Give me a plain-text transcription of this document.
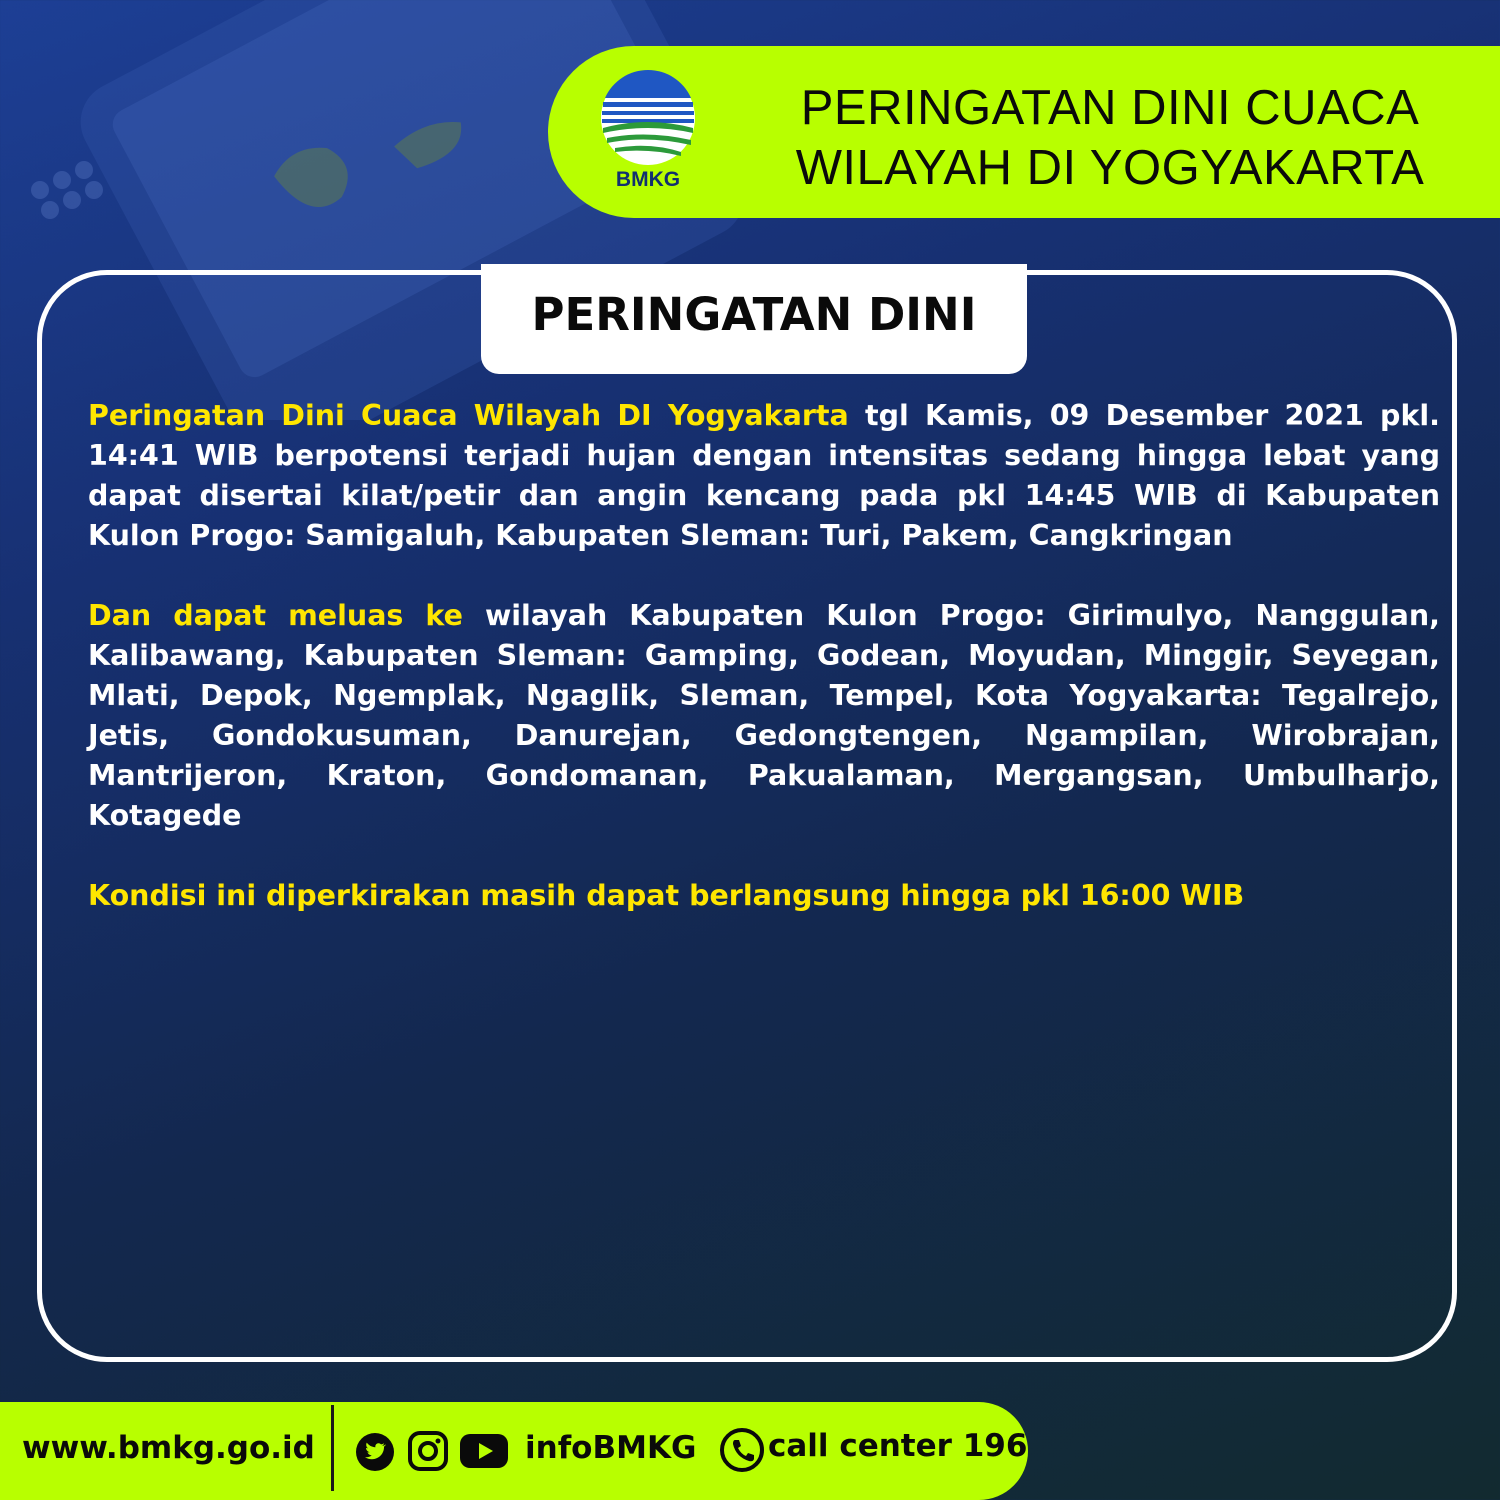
BMKG
PERINGATAN DINI CUACA
WILAYAH DI YOGYAKARTA
PERINGATAN DINI

Peringatan Dini Cuaca Wilayah DI Yogyakarta tgl Kamis, 09 Desember 2021 pkl. 14:41 WIB berpotensi terjadi hujan dengan intensitas sedang hingga lebat yang dapat disertai kilat/petir dan angin kencang pada pkl 14:45 WIB di Kabupaten Kulon Progo: Samigaluh, Kabupaten Sleman: Turi, Pakem, Cangkringan

Dan dapat meluas ke wilayah Kabupaten Kulon Progo: Girimulyo, Nanggulan, Kalibawang, Kabupaten Sleman: Gamping, Godean, Moyudan, Minggir, Seyegan, Mlati, Depok, Ngemplak, Ngaglik, Sleman, Tempel, Kota Yogyakarta: Tegalrejo, Jetis, Gondokusuman, Danurejan, Gedongtengen, Ngampilan, Wirobrajan, Mantrijeron, Kraton, Gondomanan, Pakualaman, Mergangsan, Umbulharjo, Kotagede

Kondisi ini diperkirakan masih dapat berlangsung hingga pkl 16:00 WIB

www.bmkg.go.id	infoBMKG call center 196
